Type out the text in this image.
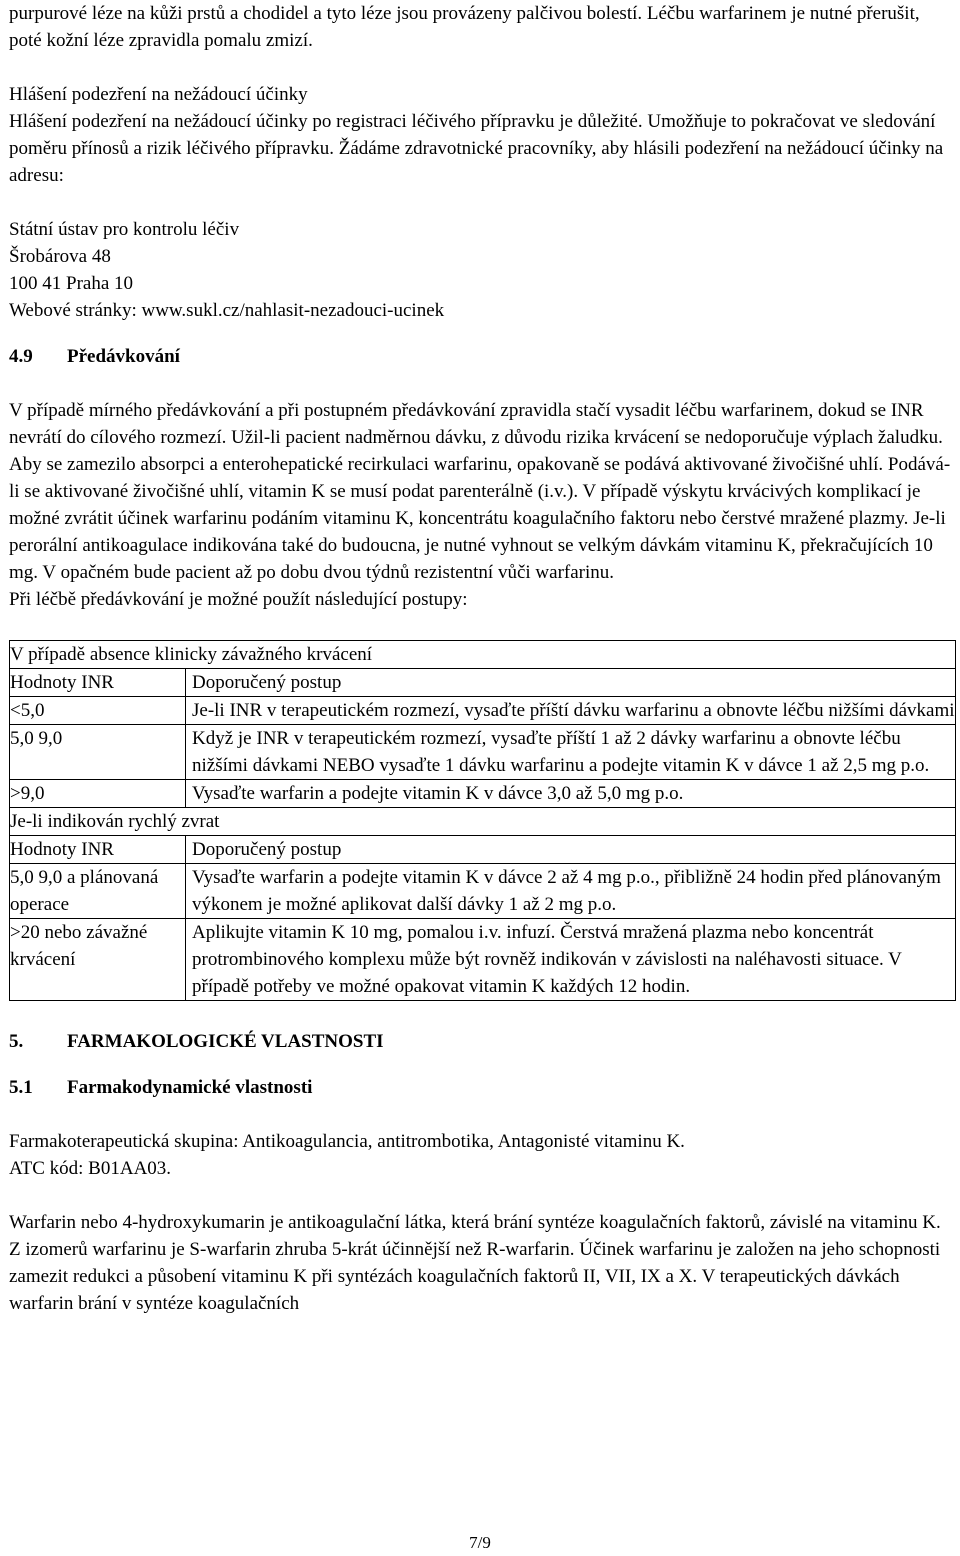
purpurové léze na kůži prstů a chodidel a tyto léze jsou provázeny palčivou bolestí. Léčbu warfarinem je nutné přerušit, poté kožní léze zpravidla pomalu zmizí.

Hlášení podezření na nežádoucí účinky

Hlášení podezření na nežádoucí účinky po registraci léčivého přípravku je důležité. Umožňuje to pokračovat ve sledování poměru přínosů a rizik léčivého přípravku. Žádáme zdravotnické pracovníky, aby hlásili podezření na nežádoucí účinky na adresu:

Státní ústav pro kontrolu léčiv

Šrobárova 48

100 41 Praha 10

Webové stránky: www.sukl.cz/nahlasit-nezadouci-ucinek

4.9	Předávkování

V případě mírného předávkování a při postupném předávkování zpravidla stačí vysadit léčbu warfarinem, dokud se INR nevrátí do cílového rozmezí. Užil-li pacient nadměrnou dávku, z důvodu rizika krvácení se nedoporučuje výplach žaludku. Aby se zamezilo absorpci a enterohepatické recirkulaci warfarinu, opakovaně se podává aktivované živočišné uhlí. Podává-li se aktivované živočišné uhlí, vitamin K se musí podat parenterálně (i.v.). V případě výskytu krvácivých komplikací je možné zvrátit účinek warfarinu podáním vitaminu K, koncentrátu koagulačního faktoru nebo čerstvé mražené plazmy. Je-li perorální antikoagulace indikována také do budoucna, je nutné vyhnout se velkým dávkám vitaminu K, překračujících 10 mg. V opačném bude pacient až po dobu dvou týdnů rezistentní vůči warfarinu.

Při léčbě předávkování je možné použít následující postupy:

V případě absence klinicky závažného krvácení	
Hodnoty INR	Doporučený postup
<5,0	Je-li INR v terapeutickém rozmezí, vysaďte příští dávku warfarinu a obnovte léčbu nižšími dávkami
5,0 9,0	Když je INR v terapeutickém rozmezí, vysaďte příští 1 až 2 dávky warfarinu a obnovte léčbu nižšími dávkami NEBO vysaďte 1 dávku warfarinu a podejte vitamin K v dávce 1 až 2,5 mg p.o.
>9,0	Vysaďte warfarin a podejte vitamin K v dávce 3,0 až 5,0 mg p.o.
Je-li indikován rychlý zvrat	
Hodnoty INR	Doporučený postup
5,0 9,0 a plánovaná operace	Vysaďte warfarin a podejte vitamin K v dávce 2 až 4 mg p.o., přibližně 24 hodin před plánovaným výkonem je možné aplikovat další dávky 1 až 2 mg p.o.
>20 nebo závažné krvácení	Aplikujte vitamin K 10 mg, pomalou i.v. infuzí. Čerstvá mražená plazma nebo koncentrát protrombinového komplexu může být rovněž indikován v závislosti na naléhavosti situace. V případě potřeby ve možné opakovat vitamin K každých 12 hodin.
5.	FARMAKOLOGICKÉ VLASTNOSTI
5.1	Farmakodynamické vlastnosti

Farmakoterapeutická skupina: Antikoagulancia, antitrombotika, Antagonisté vitaminu K.

ATC kód: B01AA03.

Warfarin nebo 4-hydroxykumarin je antikoagulační látka, která brání syntéze koagulačních faktorů, závislé na vitaminu K. Z izomerů warfarinu je S-warfarin zhruba 5-krát účinnější než R-warfarin. Účinek warfarinu je založen na jeho schopnosti zamezit redukci a působení vitaminu K při syntézách koagulačních faktorů II, VII, IX a X. V terapeutických dávkách warfarin brání v syntéze koagulačních

7/9
